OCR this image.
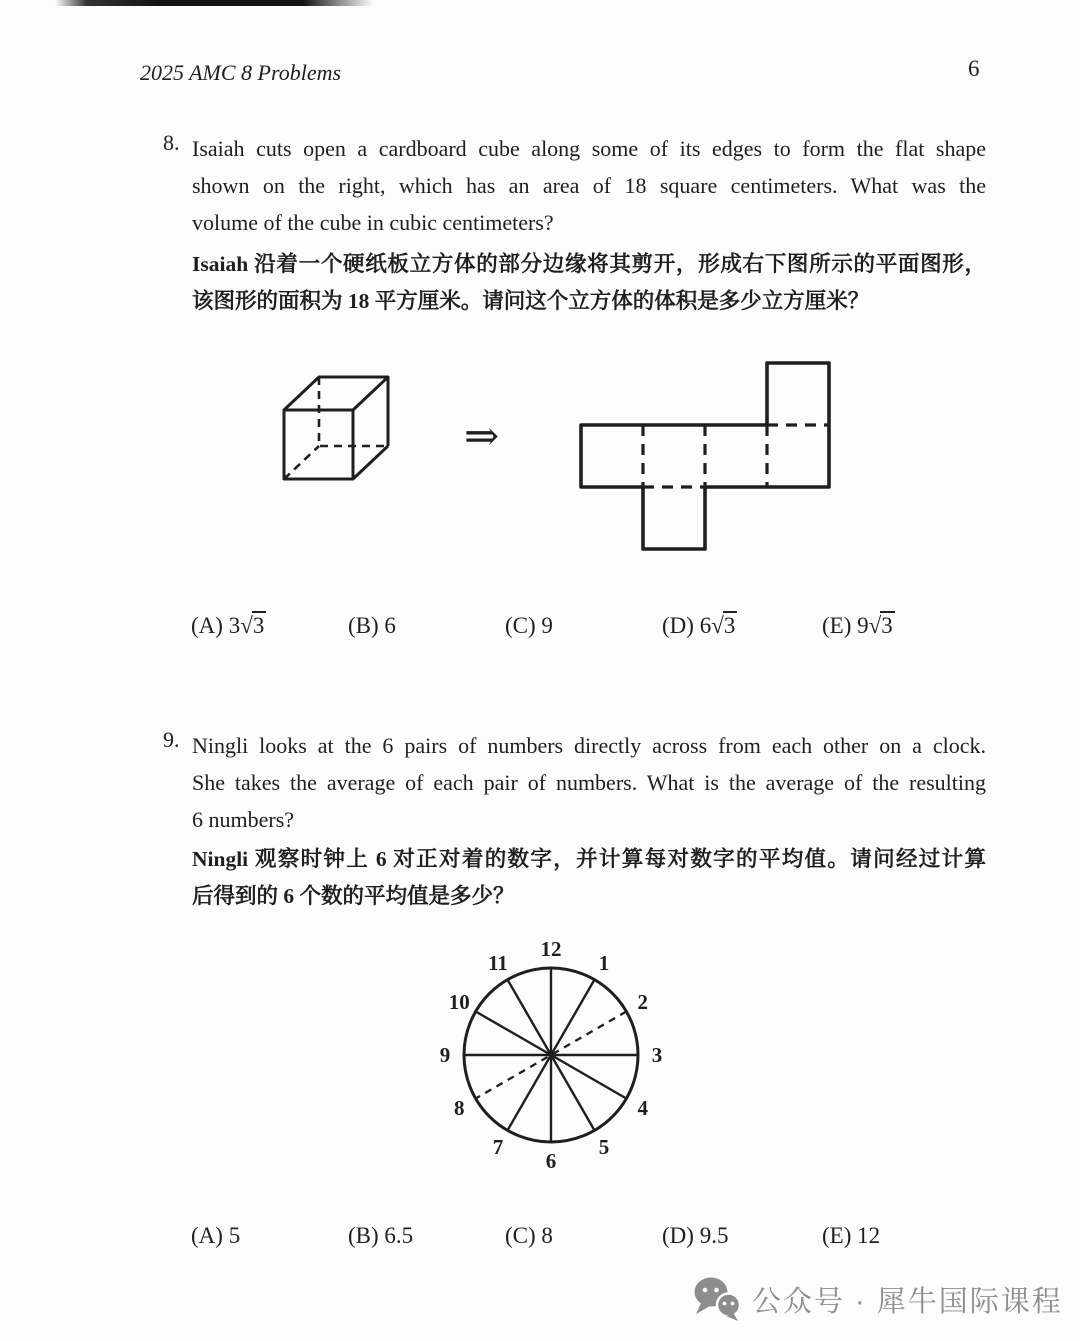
2025 AMC 8 Problems	6
8. Isaiah cuts open a cardboard cube along some of its edges to form the flat shape
shown on the right, which has an area of 18 square centimeters. What was the
volume of the cube in cubic centimeters?
Isaiah 沿着一个硬纸板立方体的部分边缘将其剪开，形成右下图所示的平面图形，
该图形的面积为 18 平方厘米。请问这个立方体的体积是多少立方厘米？
⇒
(A) 3√3	(B) 6	(C) 9	(D) 6√3	(E) 9√3
9. Ningli looks at the 6 pairs of numbers directly across from each other on a clock.
She takes the average of each pair of numbers. What is the average of the resulting
6 numbers?
Ningli 观察时钟上 6 对正对着的数字，并计算每对数字的平均值。请问经过计算
后得到的 6 个数的平均值是多少？
12
1
2
3
4
5
6
7
8
9
10
11
(A) 5	(B) 6.5	(C) 8	(D) 9.5	(E) 12
公众号 · 犀牛国际课程
